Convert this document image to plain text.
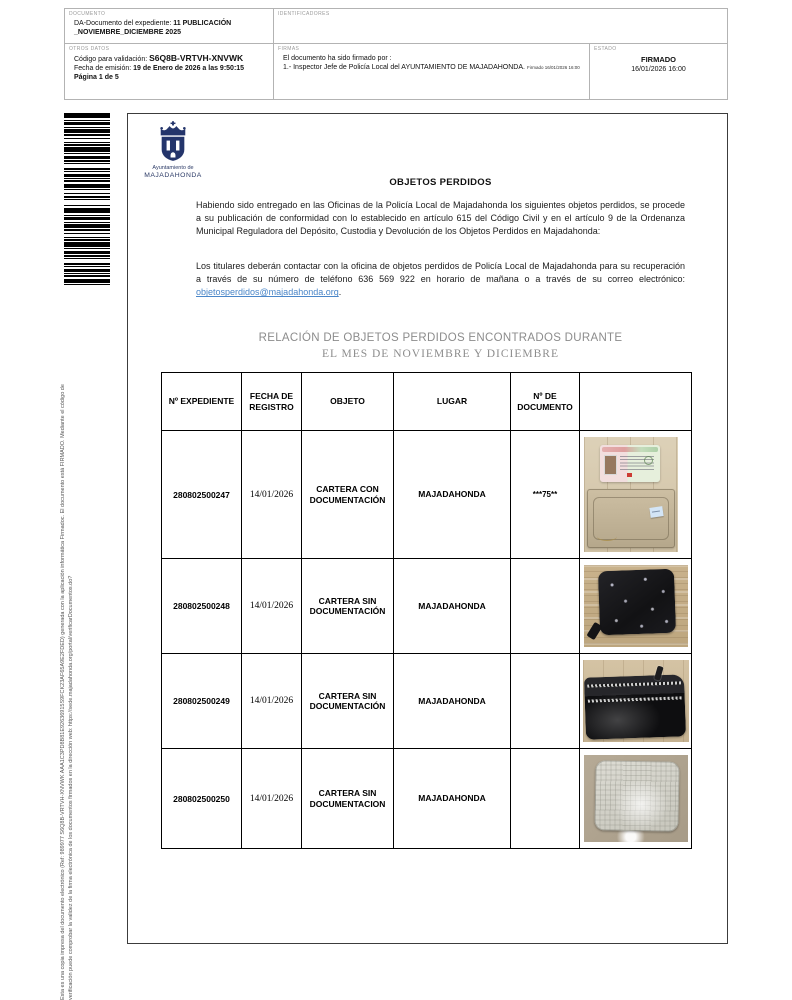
DOCUMENTO
DA-Documento del expediente: 11 PUBLICACIÓN _NOVIEMBRE_DICIEMBRE 2025
IDENTIFICADORES
OTROS DATOS
Código para validación: S6Q8B-VRTVH-XNVWK
Fecha de emisión: 19 de Enero de 2026 a las 9:50:15
Página 1 de 5
FIRMAS
El documento ha sido firmado por :
1.- Inspector Jefe de Policía Local del AYUNTAMIENTO DE MAJADAHONDA. Firmado 16/01/2026 16:00
ESTADO
FIRMADO
16/01/2026 16:00
Esta es una copia impresa del documento electrónico (Ref: 989977 S6Q8B-VRTVH-XNVWK AAA1C3PD8B81E92636915S9FCK23AF65A9E2FDED) generada con la aplicación informática Firmadoc. El documento está FIRMADO. Mediante el código de verificación puede comprobar la validez de la firma electrónica de los documentos firmados en la dirección web: https://sede.majadahonda.org/portal/verificarDocumentos.do?
Ayuntamiento de
MAJADAHONDA
OBJETOS PERDIDOS

Habiendo sido entregado en las Oficinas de la Policía Local de Majadahonda los siguientes objetos perdidos, se procede a su publicación de conformidad con lo establecido en artículo 615 del Código Civil y en el artículo 9 de la Ordenanza Municipal Reguladora del Depósito, Custodia y Devolución de los Objetos Perdidos en Majadahonda:

Los titulares deberán contactar con la oficina de objetos perdidos de Policía Local de Majadahonda para su recuperación a través de su número de teléfono 636 569 922 en horario de mañana o a través de su correo electrónico: objetosperdidos@majadahonda.org.

RELACIÓN DE OBJETOS PERDIDOS ENCONTRADOS DURANTE
EL MES DE NOVIEMBRE Y DICIEMBRE
Nº EXPEDIENTE	FECHA DE REGISTRO	OBJETO	LUGAR	Nº DE DOCUMENTO	
280802500247	14/01/2026	CARTERA CON DOCUMENTACIÓN	MAJADAHONDA	***75**	

280802500248	14/01/2026	CARTERA SIN DOCUMENTACIÓN	MAJADAHONDA		

280802500249	14/01/2026	CARTERA SIN DOCUMENTACIÓN	MAJADAHONDA		

280802500250	14/01/2026	CARTERA SIN DOCUMENTACION	MAJADAHONDA		
